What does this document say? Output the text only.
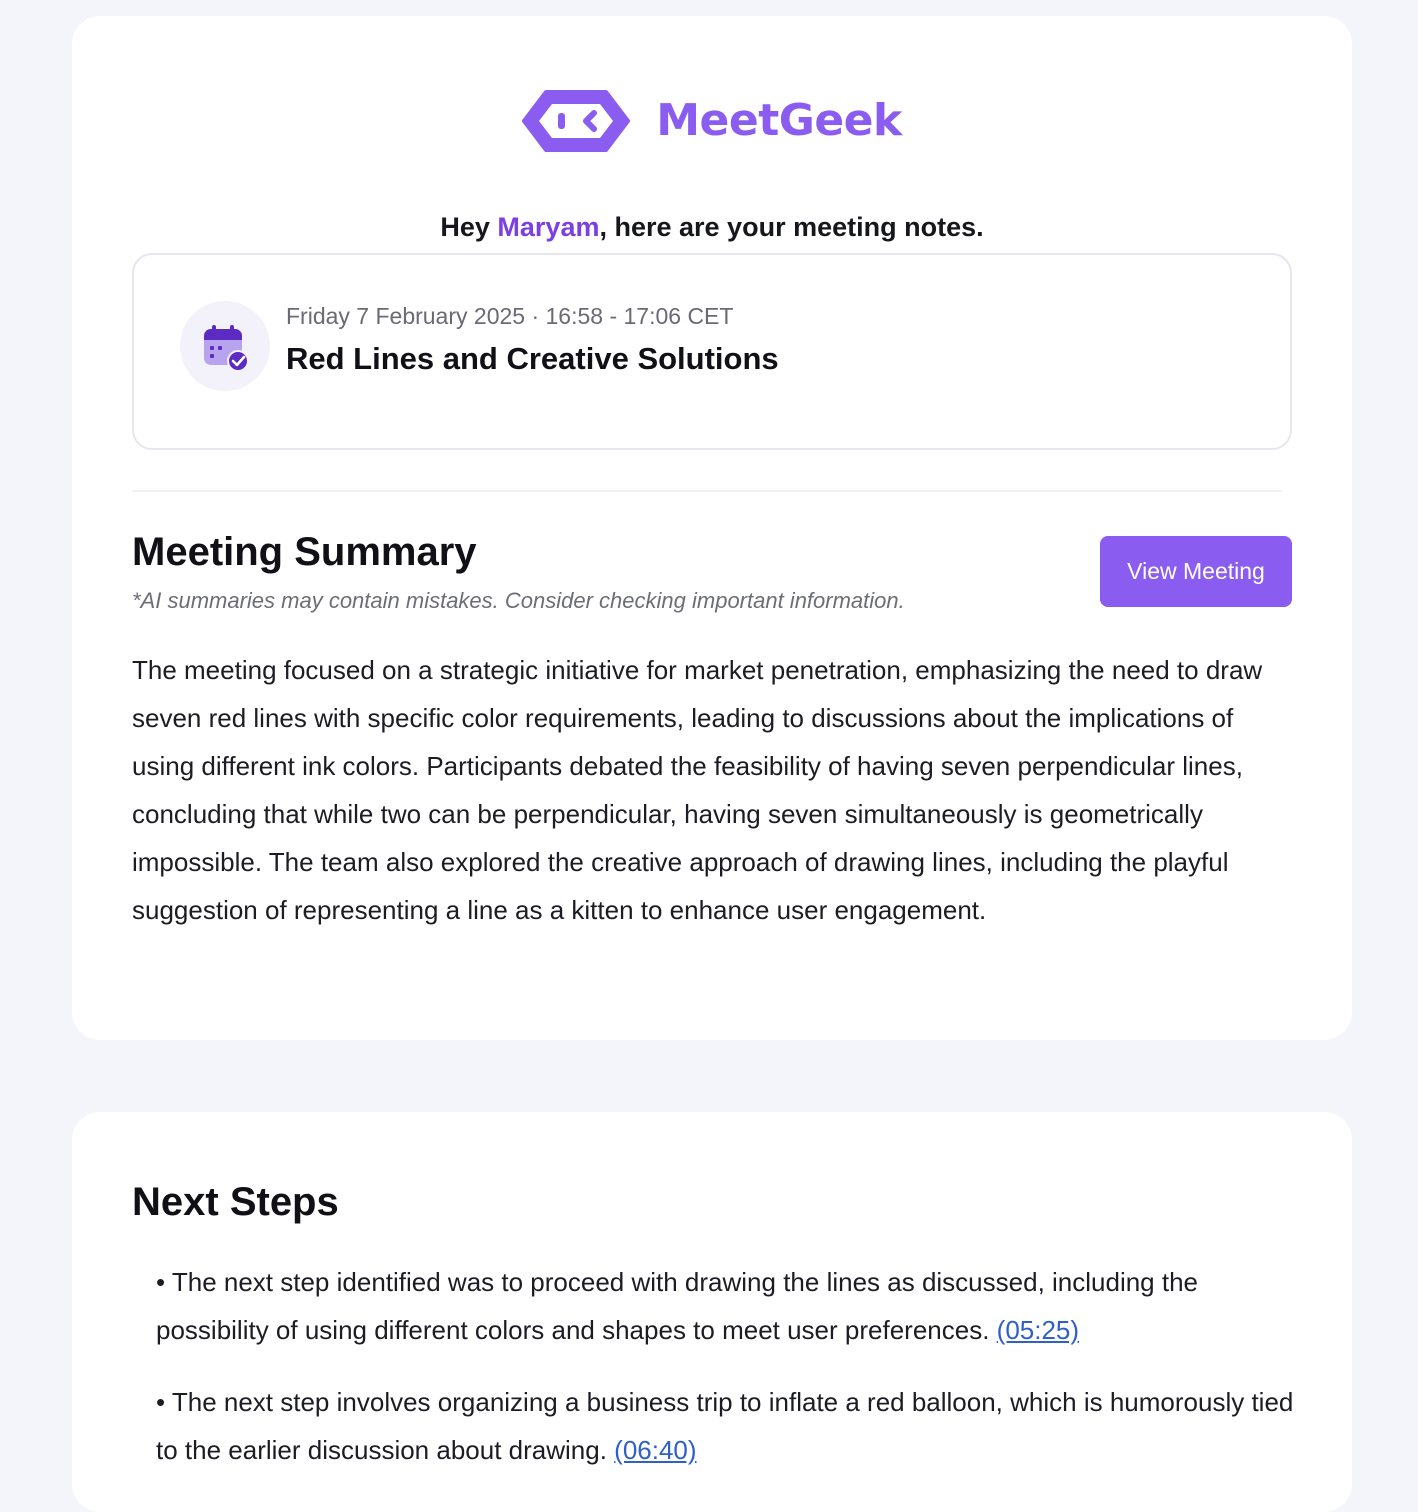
MeetGeek
Hey Maryam, here are your meeting notes.
Friday 7 February 2025 · 16:58 - 17:06 CET
Red Lines and Creative Solutions
Meeting Summary
*AI summaries may contain mistakes. Consider checking important information.
View Meeting

The meeting focused on a strategic initiative for market penetration, emphasizing the need to draw seven red lines with specific color requirements, leading to discussions about the implications of using different ink colors. Participants debated the feasibility of having seven perpendicular lines, concluding that while two can be perpendicular, having seven simultaneously is geometrically impossible. The team also explored the creative approach of drawing lines, including the playful suggestion of representing a line as a kitten to enhance user engagement.

Next Steps
• The next step identified was to proceed with drawing the lines as discussed, including the possibility of using different colors and shapes to meet user preferences. (05:25)
• The next step involves organizing a business trip to inflate a red balloon, which is humorously tied to the earlier discussion about drawing. (06:40)
